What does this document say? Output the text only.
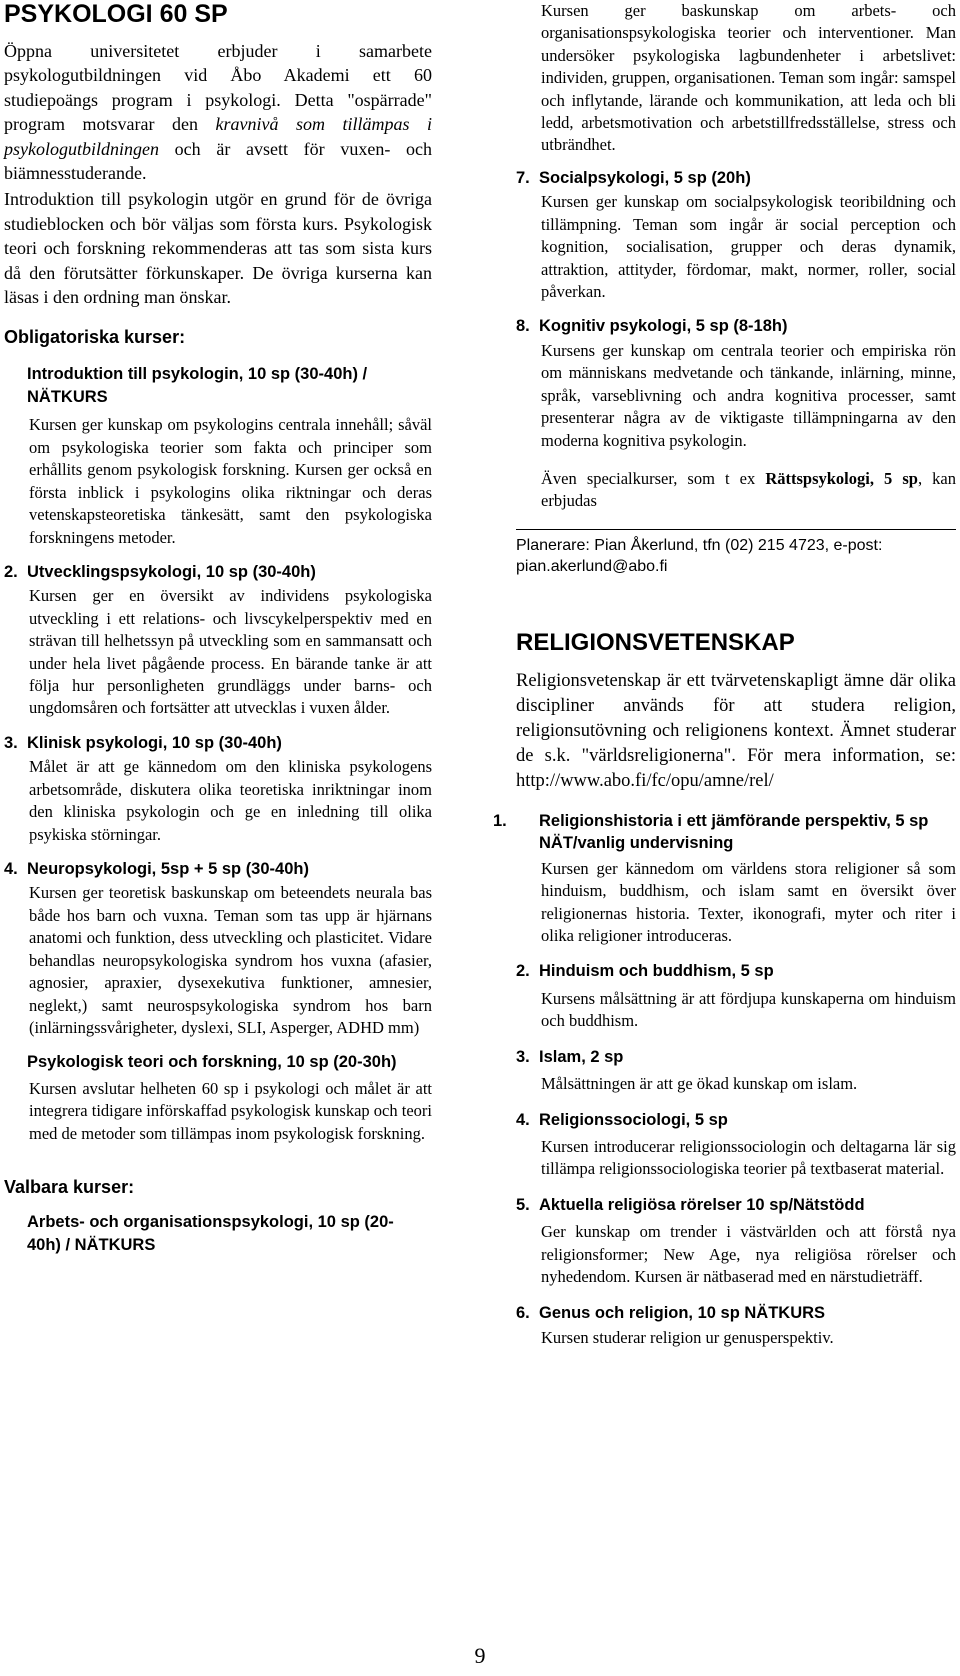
PSYKOLOGI 60 SP

Öppna universitetet erbjuder i samarbete psykologutbildningen vid Åbo Akademi ett 60 studiepoängs program i psykologi. Detta "ospärrade" program motsvarar den kravnivå som tillämpas i psykologutbildningen och är avsett för vuxen- och biämnesstuderande.

Introduktion till psykologin utgör en grund för de övriga studieblocken och bör väljas som första kurs. Psykologisk teori och forskning rekommenderas att tas som sista kurs då den förutsätter förkunskaper. De övriga kurserna kan läsas i den ordning man önskar.

Obligatoriska kurser:

Introduktion till psykologin, 10 sp (30-40h) / NÄTKURS

Kursen ger kunskap om psykologins centrala innehåll; såväl om psykologiska teorier som fakta och principer som erhållits genom psykologisk forskning. Kursen ger också en första inblick i psykologins olika riktningar och deras vetenskapsteoretiska tänkesätt, samt den psykologiska forskningens metoder.

2. Utvecklingspsykologi, 10 sp (30-40h)

Kursen ger en översikt av individens psykologiska utveckling i ett relations- och livscykelperspektiv med en strävan till helhetssyn på utveckling som en sammansatt och under hela livet pågående process. En bärande tanke är att följa hur personligheten grundläggs under barns- och ungdomsåren och fortsätter att utvecklas i vuxen ålder.

3. Klinisk psykologi, 10 sp (30-40h)

Målet är att ge kännedom om den kliniska psykologens arbetsområde, diskutera olika teoretiska inriktningar inom den kliniska psykologin och ge en inledning till olika psykiska störningar.

4. Neuropsykologi, 5sp + 5 sp (30-40h)

Kursen ger teoretisk baskunskap om beteendets neurala bas både hos barn och vuxna. Teman som tas upp är hjärnans anatomi och funktion, dess utveckling och plasticitet. Vidare behandlas neuropsykologiska syndrom hos vuxna (afasier, agnosier, apraxier, dysexekutiva funktioner, amnesier, neglekt,) samt neurospsykologiska syndrom hos barn (inlärningssvårigheter, dyslexi, SLI, Asperger, ADHD mm)

Psykologisk teori och forskning, 10 sp (20-30h)

Kursen avslutar helheten 60 sp i psykologi och målet är att integrera tidigare införskaffad psykologisk kunskap och teori med de metoder som tillämpas inom psykologisk forskning.

Valbara kurser:

Arbets- och organisationspsykologi, 10 sp (20-40h) / NÄTKURS

Kursen ger baskunskap om arbets- och organisationspsykologiska teorier och interventioner. Man undersöker psykologiska lagbundenheter i arbetslivet: individen, gruppen, organisationen. Teman som ingår: samspel och inflytande, lärande och kommunikation, att leda och bli ledd, arbetsmotivation och arbetstillfredsställelse, stress och utbrändhet.

7. Socialpsykologi, 5 sp (20h)

Kursen ger kunskap om socialpsykologisk teoribildning och tillämpning. Teman som ingår är social perception och kognition, socialisation, grupper och deras dynamik, attraktion, attityder, fördomar, makt, normer, roller, social påverkan.

8. Kognitiv psykologi, 5 sp (8-18h)

Kursens ger kunskap om centrala teorier och empiriska rön om människans medvetande och tänkande, inlärning, minne, språk, varseblivning och andra kognitiva processer, samt presenterar några av de viktigaste tillämpningarna av den moderna kognitiva psykologin.

Även specialkurser, som t ex Rättspsykologi, 5 sp, kan erbjudas

Planerare: Pian Åkerlund, tfn (02) 215 4723, e-post: pian.akerlund@abo.fi

RELIGIONSVETENSKAP

Religionsvetenskap är ett tvärvetenskapligt ämne där olika discipliner används för att studera religion, religionsutövning och religionens kontext. Ämnet studerar de s.k. "världsreligionerna". För mera information, se: http://www.abo.fi/fc/opu/amne/rel/

1. Religionshistoria i ett jämförande perspektiv, 5 sp NÄT/vanlig undervisning

Kursen ger kännedom om världens stora religioner så som hinduism, buddhism, och islam samt en översikt över religionernas historia. Texter, ikonografi, myter och riter i olika religioner introduceras.

2. Hinduism och buddhism, 5 sp

Kursens målsättning är att fördjupa kunskaperna om hinduism och buddhism.

3. Islam, 2 sp

Målsättningen är att ge ökad kunskap om islam.

4. Religionssociologi, 5 sp

Kursen introducerar religionssociologin och deltagarna lär sig tillämpa religionssociologiska teorier på textbaserat material.

5. Aktuella religiösa rörelser 10 sp/Nätstödd

Ger kunskap om trender i västvärlden och att förstå nya religionsformer; New Age, nya religiösa rörelser och nyhedendom. Kursen är nätbaserad med en närstudieträff.

6. Genus och religion, 10 sp NÄTKURS

Kursen studerar religion ur genusperspektiv.

9
